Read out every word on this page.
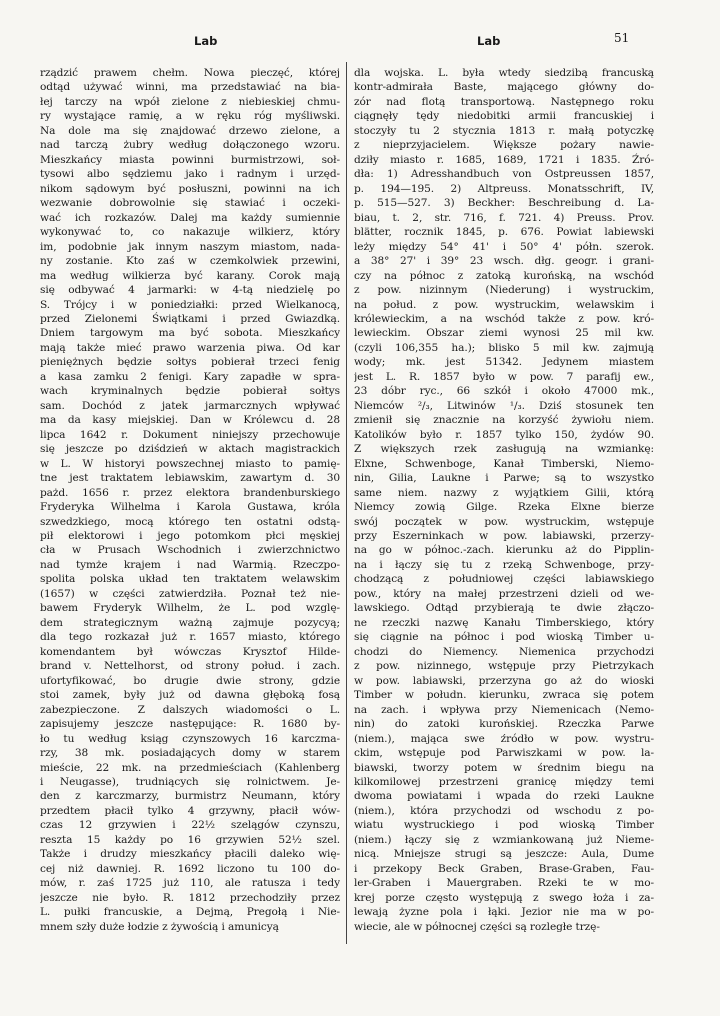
Lab	Lab	51
rządzić prawem chełm. Nowa pieczęć, której
odtąd używać winni, ma przedstawiać na bia-
łej tarczy na wpół zielone z niebieskiej chmu-
ry wystające ramię, a w ręku róg myśliwski.
Na dole ma się znajdować drzewo zielone, a
nad tarczą żubry według dołączonego wzoru.
Mieszkańcy miasta powinni burmistrzowi, soł-
tysowi albo sędziemu jako i radnym i urzęd-
nikom sądowym być posłuszni, powinni na ich
wezwanie dobrowolnie się stawiać i oczeki-
wać ich rozkazów. Dalej ma każdy sumiennie
wykonywać to, co nakazuje wilkierz, który
im, podobnie jak innym naszym miastom, nada-
ny zostanie. Kto zaś w czemkolwiek przewini,
ma według wilkierza być karany. Corok mają
się odbywać 4 jarmarki: w 4-tą niedzielę po
S. Trójcy i w poniedziałki: przed Wielkanocą,
przed Zielonemi Świątkami i przed Gwiazdką.
Dniem targowym ma być sobota. Mieszkańcy
mają także mieć prawo warzenia piwa. Od kar
pieniężnych będzie sołtys pobierał trzeci fenig
a kasa zamku 2 fenigi. Kary zapadłe w spra-
wach kryminalnych będzie pobierał sołtys
sam. Dochód z jatek jarmarcznych wpływać
ma da kasy miejskiej. Dan w Królewcu d. 28
lipca 1642 r. Dokument niniejszy przechowuje
się jeszcze po dziśdzień w aktach magistrackich
w L. W historyi powszechnej miasto to pamię-
tne jest traktatem lebiawskim, zawartym d. 30
pażd. 1656 r. przez elektora brandenburskiego
Fryderyka Wilhelma i Karola Gustawa, króla
szwedzkiego, mocą którego ten ostatni odstą-
pił elektorowi i jego potomkom płci męskiej
cła w Prusach Wschodnich i zwierzchnictwo
nad tymże krajem i nad Warmią. Rzeczpo-
spolita polska układ ten traktatem welawskim
(1657) w części zatwierdziła. Poznał też nie-
bawem Fryderyk Wilhelm, że L. pod wzglę-
dem strategicznym ważną zajmuje pozycyą;
dla tego rozkazał już r. 1657 miasto, którego
komendantem był wówczas Krysztof Hilde-
brand v. Nettelhorst, od strony połud. i zach.
ufortyfikować, bo drugie dwie strony, gdzie
stoi zamek, były już od dawna głęboką fosą
zabezpieczone. Z dalszych wiadomości o L.
zapisujemy jeszcze następujące: R. 1680 by-
ło tu według ksiąg czynszowych 16 karczma-
rzy, 38 mk. posiadających domy w starem
mieście, 22 mk. na przedmieściach (Kahlenberg
i Neugasse), trudniących się rolnictwem. Je-
den z karczmarzy, burmistrz Neumann, który
przedtem płacił tylko 4 grzywny, płacił wów-
czas 12 grzywien i 22½ szelągów czynszu,
reszta 15 każdy po 16 grzywien 52½ szel.
Także i drudzy mieszkańcy płacili daleko wię-
cej niż dawniej. R. 1692 liczono tu 100 do-
mów, r. zaś 1725 już 110, ale ratusza i tedy
jeszcze nie było. R. 1812 przechodziły przez
L. pułki francuskie, a Dejmą, Pregołą i Nie-
mnem szły duże łodzie z żywością i amunicyą
dla wojska. L. była wtedy siedzibą francuską
kontr-admirała Baste, mającego główny do-
zór nad flotą transportową. Następnego roku
ciągnęły tędy niedobitki armii francuskiej i
stoczyły tu 2 stycznia 1813 r. małą potyczkę
z nieprzyjacielem. Większe pożary nawie-
dziły miasto r. 1685, 1689, 1721 i 1835. Źró-
dła: 1) Adresshandbuch von Ostpreussen 1857,
p. 194—195. 2) Altpreuss. Monatsschrift, IV,
p. 515—527. 3) Beckher: Beschreibung d. La-
biau, t. 2, str. 716, f. 721. 4) Preuss. Prov.
blätter, rocznik 1845, p. 676. Powiat labiewski
leży między 54° 41' i 50° 4' półn. szerok.
a 38° 27' i 39° 23 wsch. dłg. geogr. i grani-
czy na północ z zatoką kurońską, na wschód
z pow. nizinnym (Niederung) i wystruckim,
na połud. z pow. wystruckim, welawskim i
królewieckim, a na wschód także z pow. kró-
lewieckim. Obszar ziemi wynosi 25 mil kw.
(czyli 106,355 ha.); blisko 5 mil kw. zajmują
wody; mk. jest 51342. Jedynem miastem
jest L. R. 1857 było w pow. 7 parafij ew.,
23 dóbr ryc., 66 szkół i około 47000 mk.,
Niemców ²/₃, Litwinów ¹/₃. Dziś stosunek ten
zmienił się znacznie na korzyść żywiołu niem.
Katolików było r. 1857 tylko 150, żydów 90.
Z większych rzek zasługują na wzmiankę:
Elxne, Schwenboge, Kanał Timberski, Niemo-
nin, Gilia, Laukne i Parwe; są to wszystko
same niem. nazwy z wyjątkiem Gilii, którą
Niemcy zowią Gilge. Rzeka Elxne bierze
swój początek w pow. wystruckim, wstępuje
przy Eszerninkach w pow. labiawski, przerzy-
na go w północ.-zach. kierunku aż do Pipplin-
na i łączy się tu z rzeką Schwenboge, przy-
chodzącą z południowej części labiawskiego
pow., który na małej przestrzeni dzieli od we-
lawskiego. Odtąd przybierają te dwie złączo-
ne rzeczki nazwę Kanału Timberskiego, który
się ciągnie na północ i pod wioską Timber u-
chodzi do Niemency. Niemenica przychodzi
z pow. nizinnego, wstępuje przy Pietrzykach
w pow. labiawski, przerzyna go aż do wioski
Timber w połudn. kierunku, zwraca się potem
na zach. i wpływa przy Niemenicach (Nemo-
nin) do zatoki kurońskiej. Rzeczka Parwe
(niem.), mająca swe źródło w pow. wystru-
ckim, wstępuje pod Parwiszkami w pow. la-
biawski, tworzy potem w średnim biegu na
kilkomilowej przestrzeni granicę między temi
dwoma powiatami i wpada do rzeki Laukne
(niem.), która przychodzi od wschodu z po-
wiatu wystruckiego i pod wioską Timber
(niem.) łączy się z wzmiankowaną już Nieme-
nicą. Mniejsze strugi są jeszcze: Aula, Dume
i przekopy Beck Graben, Brase-Graben, Fau-
ler-Graben i Mauergraben. Rzeki te w mo-
krej porze często występują z swego łoża i za-
lewają żyzne pola i łąki. Jezior nie ma w po-
wiecie, ale w północnej części są rozległe trzę-
